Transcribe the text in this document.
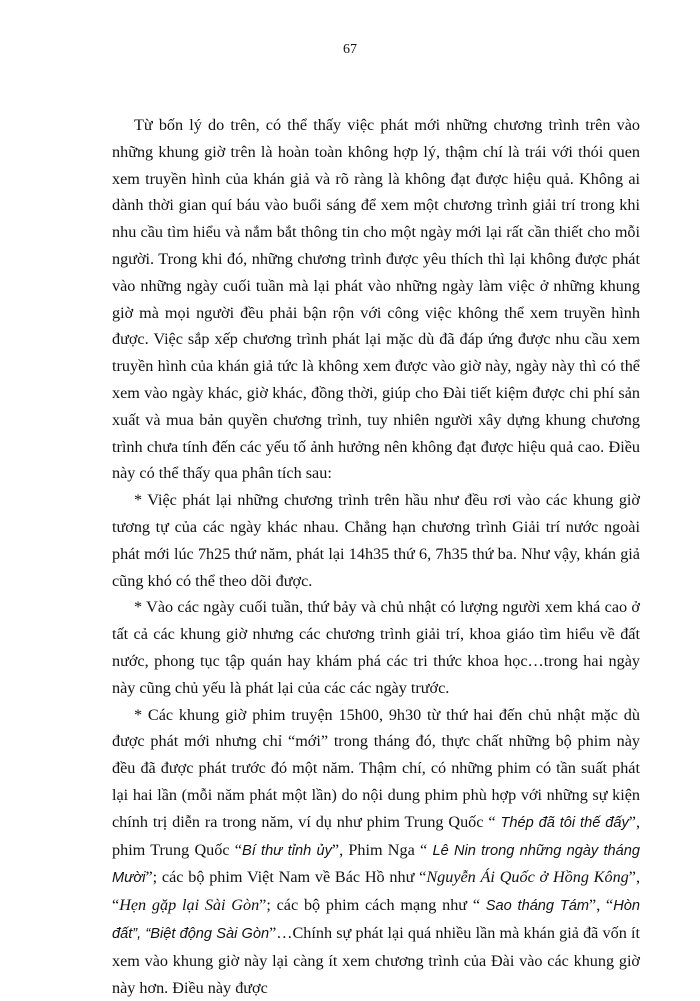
67

Từ bốn lý do trên, có thể thấy việc phát mới những chương trình trên vào những khung giờ trên là hoàn toàn không hợp lý, thậm chí là trái với thói quen xem truyền hình của khán giả và rõ ràng là không đạt được hiệu quả. Không ai dành thời gian quí báu vào buổi sáng để xem một chương trình giải trí trong khi nhu cầu tìm hiểu và nắm bắt thông tin cho một ngày mới lại rất cần thiết cho mỗi người. Trong khi đó, những chương trình được yêu thích thì lại không được phát vào những ngày cuối tuần mà lại phát vào những ngày làm việc ở những khung giờ mà mọi người đều phải bận rộn với công việc không thể xem truyền hình được. Việc sắp xếp chương trình phát lại mặc dù đã đáp ứng được nhu cầu xem truyền hình của khán giả tức là không xem được vào giờ này, ngày này thì có thể xem vào ngày khác, giờ khác, đồng thời, giúp cho Đài tiết kiệm được chi phí sản xuất và mua bản quyền chương trình, tuy nhiên người xây dựng khung chương trình chưa tính đến các yếu tố ảnh hưởng nên không đạt được hiệu quả cao. Điều này có thể thấy qua phân tích sau:

* Việc phát lại những chương trình trên hầu như đều rơi vào các khung giờ tương tự của các ngày khác nhau. Chẳng hạn chương trình Giải trí nước ngoài phát mới lúc 7h25 thứ năm, phát lại 14h35 thứ 6, 7h35 thứ ba. Như vậy, khán giả cũng khó có thể theo dõi được.

* Vào các ngày cuối tuần, thứ bảy và chủ nhật có lượng người xem khá cao ở tất cả các khung giờ nhưng các chương trình giải trí, khoa giáo tìm hiểu về đất nước, phong tục tập quán hay khám phá các tri thức khoa học…trong hai ngày này cũng chủ yếu là phát lại của các các ngày trước.

* Các khung giờ phim truyện 15h00, 9h30 từ thứ hai đến chủ nhật mặc dù được phát mới nhưng chỉ “mới” trong tháng đó, thực chất những bộ phim này đều đã được phát trước đó một năm. Thậm chí, có những phim có tần suất phát lại hai lần (mỗi năm phát một lần) do nội dung phim phù hợp với những sự kiện chính trị diễn ra trong năm, ví dụ như phim Trung Quốc “ Thép đã tôi thế đấy”, phim Trung Quốc “Bí thư tỉnh ủy”, Phim Nga “ Lê Nin trong những ngày tháng Mười”; các bộ phim Việt Nam về Bác Hồ như “Nguyễn Ái Quốc ở Hồng Kông”, “Hẹn gặp lại Sài Gòn”; các bộ phim cách mạng như “ Sao tháng Tám”, “Hòn đất”, “Biệt động Sài Gòn”…Chính sự phát lại quá nhiều lần mà khán giả đã vốn ít xem vào khung giờ này lại càng ít xem chương trình của Đài vào các khung giờ này hơn. Điều này được
